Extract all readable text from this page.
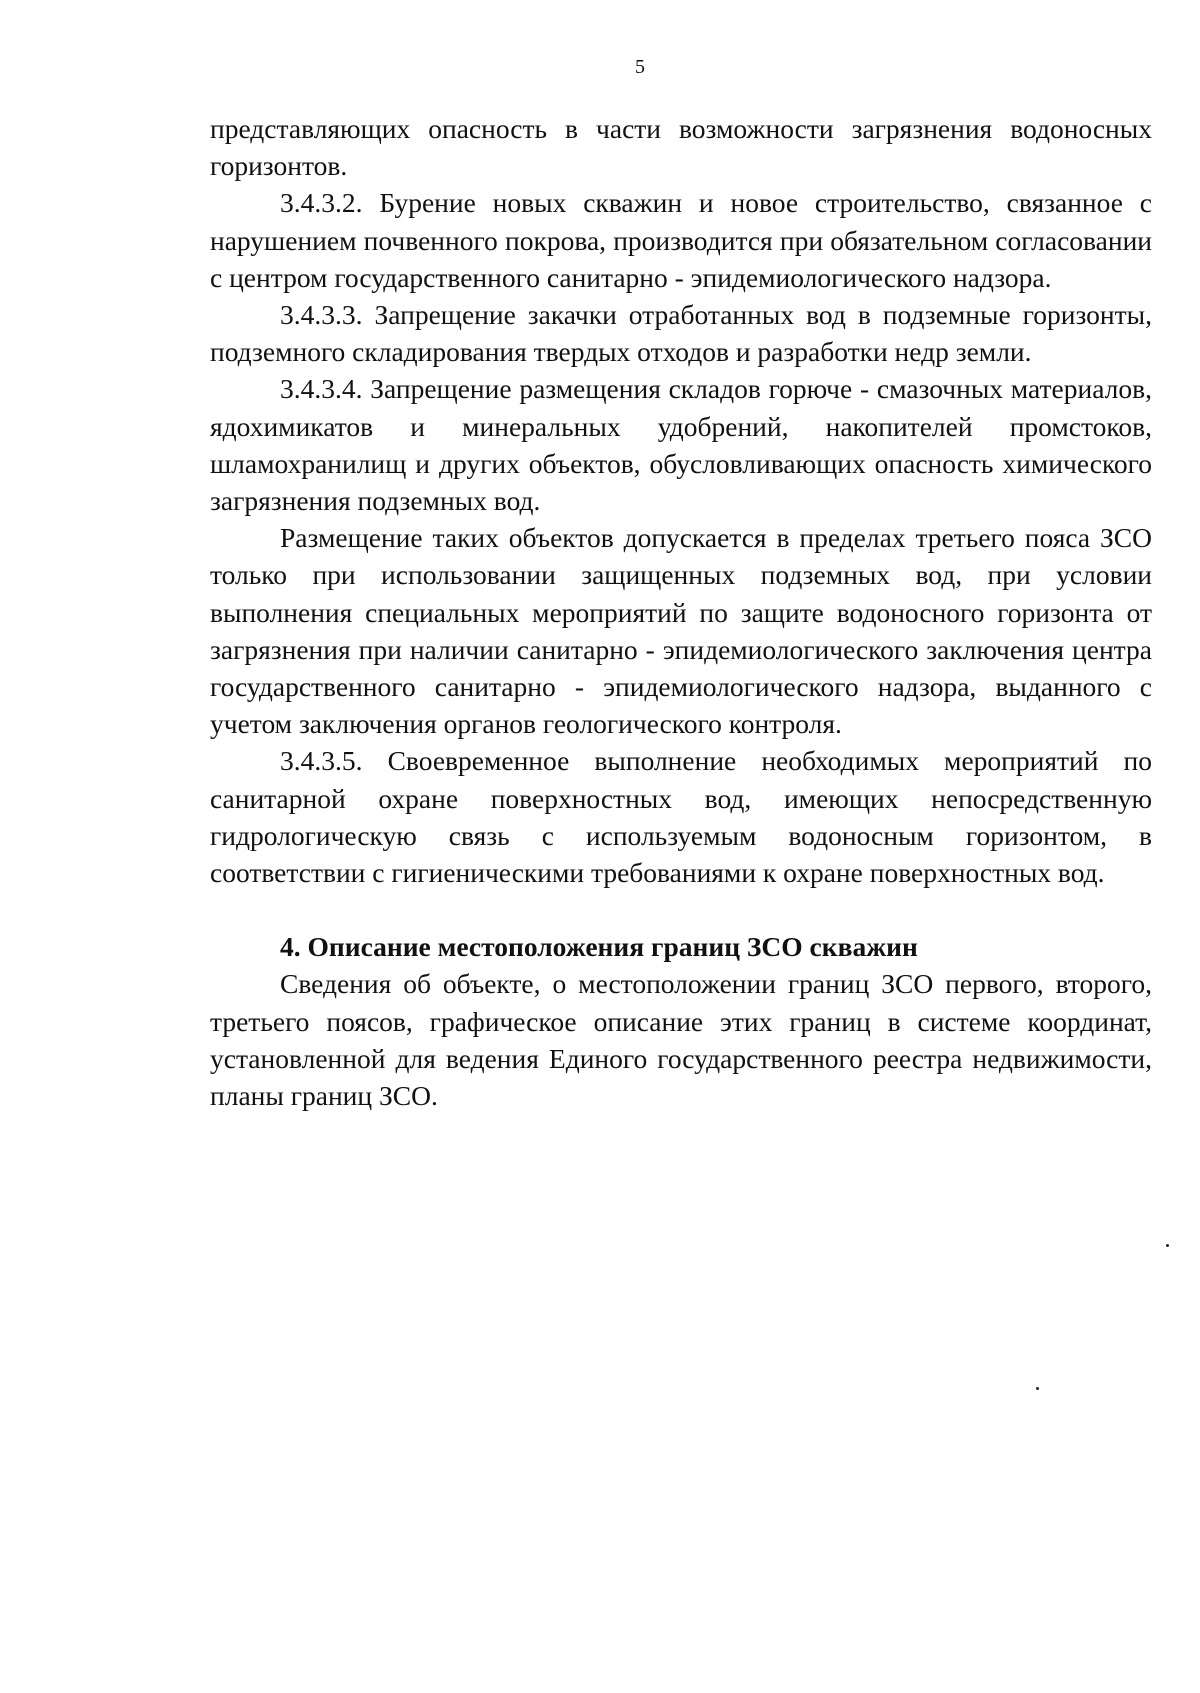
5

представляющих опасность в части возможности загрязнения водоносных горизонтов.

3.4.3.2. Бурение новых скважин и новое строительство, связанное с нарушением почвенного покрова, производится при обязательном согласовании с центром государственного санитарно - эпидемиологического надзора.

3.4.3.3. Запрещение закачки отработанных вод в подземные горизонты, подземного складирования твердых отходов и разработки недр земли.

3.4.3.4. Запрещение размещения складов горюче - смазочных материалов, ядохимикатов и минеральных удобрений, накопителей промстоков, шламохранилищ и других объектов, обусловливающих опасность химического загрязнения подземных вод.

Размещение таких объектов допускается в пределах третьего пояса ЗСО только при использовании защищенных подземных вод, при условии выполнения специальных мероприятий по защите водоносного горизонта от загрязнения при наличии санитарно - эпидемиологического заключения центра государственного санитарно - эпидемиологического надзора, выданного с учетом заключения органов геологического контроля.

3.4.3.5. Своевременное выполнение необходимых мероприятий по санитарной охране поверхностных вод, имеющих непосредственную гидрологическую связь с используемым водоносным горизонтом, в соответствии с гигиеническими требованиями к охране поверхностных вод.

4. Описание местоположения границ ЗСО скважин

Сведения об объекте, о местоположении границ ЗСО первого, второго, третьего поясов, графическое описание этих границ в системе координат, установленной для ведения Единого государственного реестра недвижимости, планы границ ЗСО.
